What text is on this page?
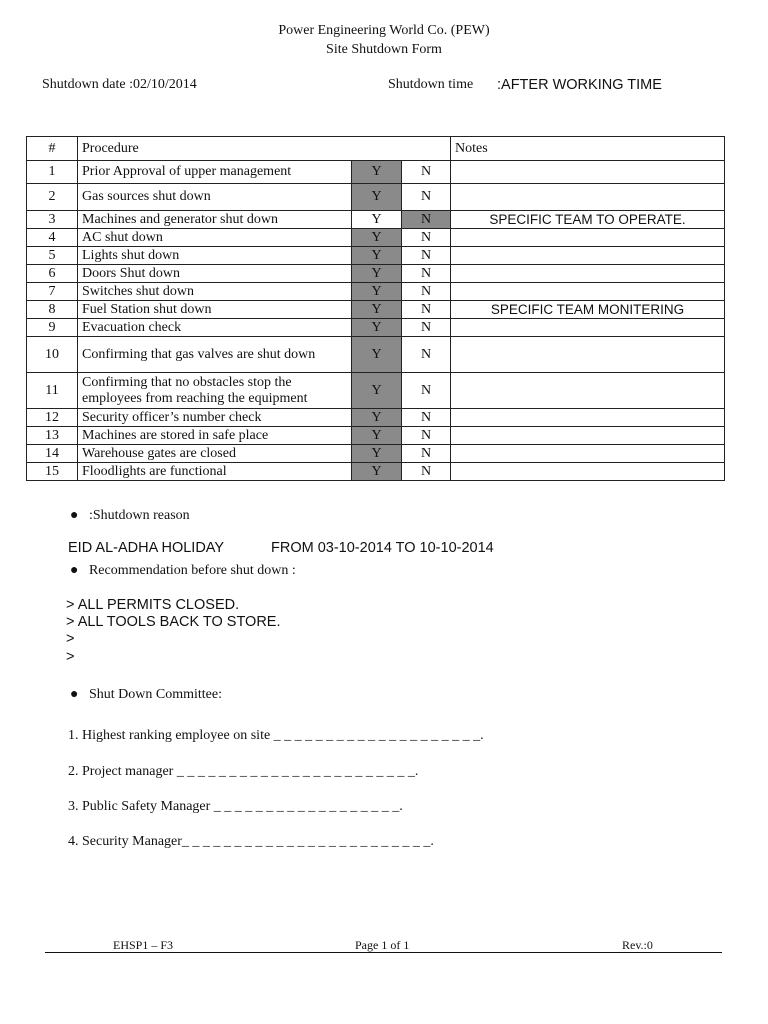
Power Engineering World Co. (PEW)
Site Shutdown Form
Shutdown date :02/10/2014	Shutdown time :AFTER WORKING TIME
#	Procedure			Notes
1	Prior Approval of upper management	Y	N	
2	Gas sources shut down	Y	N	
3	Machines and generator shut down	Y	N	SPECIFIC TEAM TO OPERATE.
4	AC shut down	Y	N	
5	Lights shut down	Y	N	
6	Doors Shut down	Y	N	
7	Switches shut down	Y	N	
8	Fuel Station shut down	Y	N	SPECIFIC TEAM MONITERING
9	Evacuation check	Y	N	
10	Confirming that gas valves are shut down	Y	N	
11	Confirming that no obstacles stop the employees from reaching the equipment	Y	N	
12	Security officer’s number check	Y	N	
13	Machines are stored in safe place	Y	N	
14	Warehouse gates are closed	Y	N	
15	Floodlights are functional	Y	N	
●   :Shutdown reason
EID AL-ADHA HOLIDAY	FROM 03-10-2014 TO 10-10-2014
●   Recommendation before shut down :
> ALL PERMITS CLOSED.
> ALL TOOLS BACK TO STORE.
>
>
●   Shut Down Committee:
1. Highest ranking employee on site _ _ _ _ _ _ _ _ _ _ _ _ _ _ _ _ _ _ _ _.
2. Project manager _ _ _ _ _ _ _ _ _ _ _ _ _ _ _ _ _ _ _ _ _ _ _.
3. Public Safety Manager _ _ _ _ _ _ _ _ _ _ _ _ _ _ _ _ _ _.
4. Security Manager_ _ _ _ _ _ _ _ _ _ _ _ _ _ _ _ _ _ _ _ _ _ _ _.
EHSP1 – F3	Page 1 of 1	Rev.:0
